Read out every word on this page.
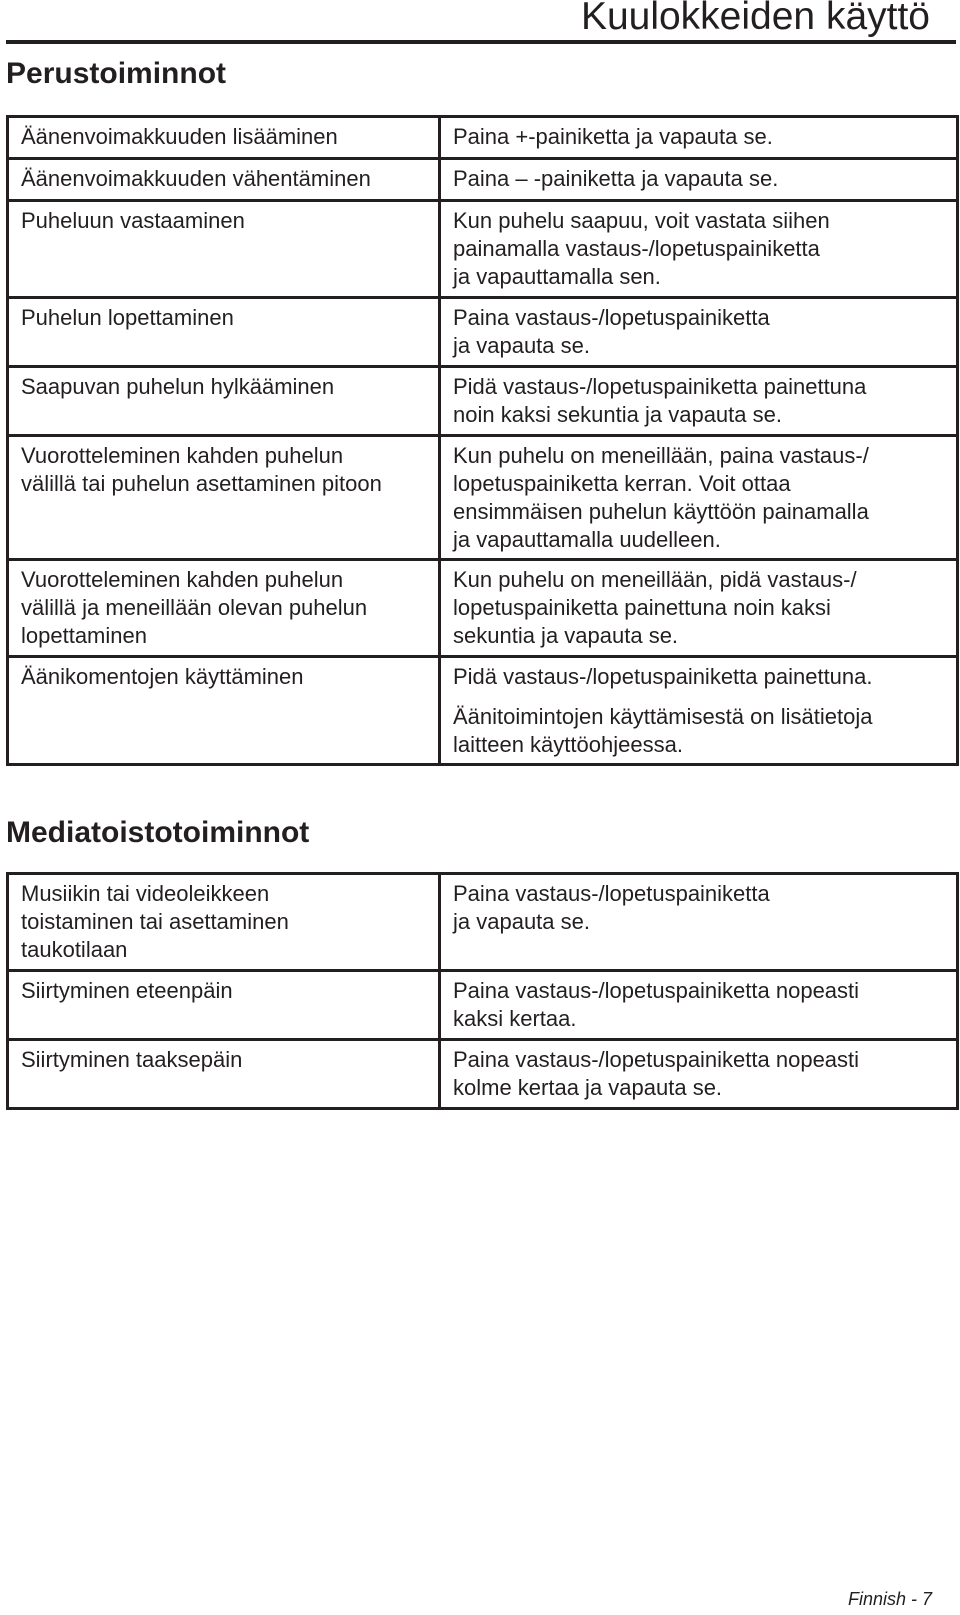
Kuulokkeiden käyttö
Perustoiminnot
Äänenvoimakkuuden lisääminen	Paina +-painiketta ja vapauta se.
Äänenvoimakkuuden vähentäminen	Paina – -painiketta ja vapauta se.
Puheluun vastaaminen	Kun puhelu saapuu, voit vastata siihen
painamalla vastaus-/lopetuspainiketta
ja vapauttamalla sen.
Puhelun lopettaminen	Paina vastaus-/lopetuspainiketta
ja vapauta se.
Saapuvan puhelun hylkääminen	Pidä vastaus-/lopetuspainiketta painettuna
noin kaksi sekuntia ja vapauta se.
Vuorotteleminen kahden puhelun
välillä tai puhelun asettaminen pitoon	Kun puhelu on meneillään, paina vastaus-/
lopetuspainiketta kerran. Voit ottaa
ensimmäisen puhelun käyttöön painamalla
ja vapauttamalla uudelleen.
Vuorotteleminen kahden puhelun
välillä ja meneillään olevan puhelun
lopettaminen	Kun puhelu on meneillään, pidä vastaus-/
lopetuspainiketta painettuna noin kaksi
sekuntia ja vapauta se.
Äänikomentojen käyttäminen	Pidä vastaus-/lopetuspainiketta painettuna.
Äänitoimintojen käyttämisestä on lisätietoja
laitteen käyttöohjeessa.
Mediatoistotoiminnot
Musiikin tai videoleikkeen
toistaminen tai asettaminen
taukotilaan	Paina vastaus-/lopetuspainiketta
ja vapauta se.
Siirtyminen eteenpäin	Paina vastaus-/lopetuspainiketta nopeasti
kaksi kertaa.
Siirtyminen taaksepäin	Paina vastaus-/lopetuspainiketta nopeasti
kolme kertaa ja vapauta se.
Finnish - 7
